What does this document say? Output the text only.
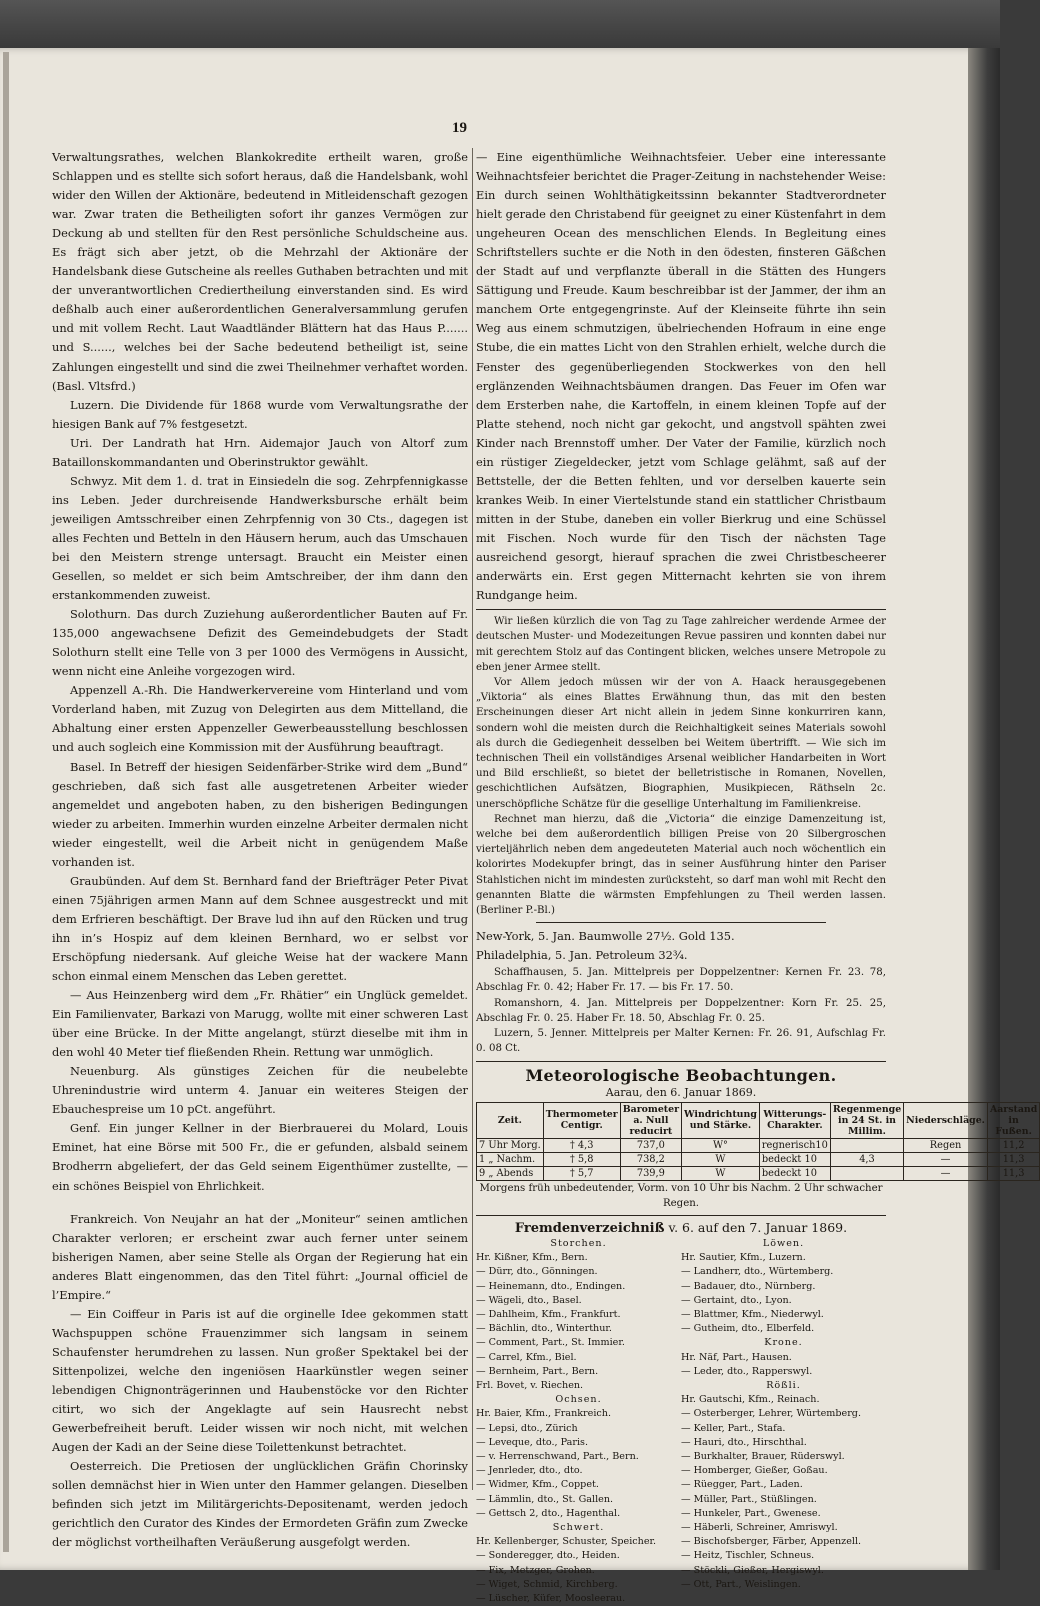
19

Verwaltungsrathes, welchen Blankokredite ertheilt waren, große Schlappen und es stellte sich sofort heraus, daß die Handelsbank, wohl wider den Willen der Aktionäre, bedeutend in Mitleidenschaft gezogen war. Zwar traten die Betheiligten sofort ihr ganzes Vermögen zur Deckung ab und stellten für den Rest persönliche Schuldscheine aus. Es frägt sich aber jetzt, ob die Mehrzahl der Aktionäre der Handelsbank diese Gutscheine als reelles Guthaben betrachten und mit der unverantwortlichen Crediertheilung einverstanden sind. Es wird deßhalb auch einer außerordentlichen Generalversammlung gerufen und mit vollem Recht. Laut Waadtländer Blättern hat das Haus P....... und S......, welches bei der Sache bedeutend betheiligt ist, seine Zahlungen eingestellt und sind die zwei Theilnehmer verhaftet worden. (Basl. Vltsfrd.)

Luzern. Die Dividende für 1868 wurde vom Verwaltungsrathe der hiesigen Bank auf 7% festgesetzt.

Uri. Der Landrath hat Hrn. Aidemajor Jauch von Altorf zum Bataillonskommandanten und Oberinstruktor gewählt.

Schwyz. Mit dem 1. d. trat in Einsiedeln die sog. Zehrpfennigkasse ins Leben. Jeder durchreisende Handwerksbursche erhält beim jeweiligen Amtsschreiber einen Zehrpfennig von 30 Cts., dagegen ist alles Fechten und Betteln in den Häusern herum, auch das Umschauen bei den Meistern strenge untersagt. Braucht ein Meister einen Gesellen, so meldet er sich beim Amtschreiber, der ihm dann den erstankommenden zuweist.

Solothurn. Das durch Zuziehung außerordentlicher Bauten auf Fr. 135,000 angewachsene Defizit des Gemeindebudgets der Stadt Solothurn stellt eine Telle von 3 per 1000 des Vermögens in Aussicht, wenn nicht eine Anleihe vorgezogen wird.

Appenzell A.-Rh. Die Handwerkervereine vom Hinterland und vom Vorderland haben, mit Zuzug von Delegirten aus dem Mittelland, die Abhaltung einer ersten Appenzeller Gewerbeausstellung beschlossen und auch sogleich eine Kommission mit der Ausführung beauftragt.

Basel. In Betreff der hiesigen Seidenfärber-Strike wird dem „Bund“ geschrieben, daß sich fast alle ausgetretenen Arbeiter wieder angemeldet und angeboten haben, zu den bisherigen Bedingungen wieder zu arbeiten. Immerhin wurden einzelne Arbeiter dermalen nicht wieder eingestellt, weil die Arbeit nicht in genügendem Maße vorhanden ist.

Graubünden. Auf dem St. Bernhard fand der Briefträger Peter Pivat einen 75jährigen armen Mann auf dem Schnee ausgestreckt und mit dem Erfrieren beschäftigt. Der Brave lud ihn auf den Rücken und trug ihn in’s Hospiz auf dem kleinen Bernhard, wo er selbst vor Erschöpfung niedersank. Auf gleiche Weise hat der wackere Mann schon einmal einem Menschen das Leben gerettet.

— Aus Heinzenberg wird dem „Fr. Rhätier“ ein Unglück gemeldet. Ein Familienvater, Barkazi von Marugg, wollte mit einer schweren Last über eine Brücke. In der Mitte angelangt, stürzt dieselbe mit ihm in den wohl 40 Meter tief fließenden Rhein. Rettung war unmöglich.

Neuenburg. Als günstiges Zeichen für die neubelebte Uhrenindustrie wird unterm 4. Januar ein weiteres Steigen der Ebauchespreise um 10 pCt. angeführt.

Genf. Ein junger Kellner in der Bierbrauerei du Molard, Louis Eminet, hat eine Börse mit 500 Fr., die er gefunden, alsbald seinem Brodherrn abgeliefert, der das Geld seinem Eigenthümer zustellte, — ein schönes Beispiel von Ehrlichkeit.

Frankreich. Von Neujahr an hat der „Moniteur“ seinen amtlichen Charakter verloren; er erscheint zwar auch ferner unter seinem bisherigen Namen, aber seine Stelle als Organ der Regierung hat ein anderes Blatt eingenommen, das den Titel führt: „Journal officiel de l’Empire.“

— Ein Coiffeur in Paris ist auf die orginelle Idee gekommen statt Wachspuppen schöne Frauenzimmer sich langsam in seinem Schaufenster herumdrehen zu lassen. Nun großer Spektakel bei der Sittenpolizei, welche den ingeniösen Haarkünstler wegen seiner lebendigen Chignonträgerinnen und Haubenstöcke vor den Richter citirt, wo sich der Angeklagte auf sein Hausrecht nebst Gewerbefreiheit beruft. Leider wissen wir noch nicht, mit welchen Augen der Kadi an der Seine diese Toilettenkunst betrachtet.

Oesterreich. Die Pretiosen der unglücklichen Gräfin Chorinsky sollen demnächst hier in Wien unter den Hammer gelangen. Dieselben befinden sich jetzt im Militärgerichts-Depositenamt, werden jedoch gerichtlich den Curator des Kindes der Ermordeten Gräfin zum Zwecke der möglichst vortheilhaften Veräußerung ausgefolgt werden.

— Eine eigenthümliche Weihnachtsfeier. Ueber eine interessante Weihnachtsfeier berichtet die Prager-Zeitung in nachstehender Weise: Ein durch seinen Wohlthätigkeitssinn bekannter Stadtverordneter hielt gerade den Christabend für geeignet zu einer Küstenfahrt in dem ungeheuren Ocean des menschlichen Elends. In Begleitung eines Schriftstellers suchte er die Noth in den ödesten, finsteren Gäßchen der Stadt auf und verpflanzte überall in die Stätten des Hungers Sättigung und Freude. Kaum beschreibbar ist der Jammer, der ihm an manchem Orte entgegengrinste. Auf der Kleinseite führte ihn sein Weg aus einem schmutzigen, übelriechenden Hofraum in eine enge Stube, die ein mattes Licht von den Strahlen erhielt, welche durch die Fenster des gegenüberliegenden Stockwerkes von den hell erglänzenden Weihnachtsbäumen drangen. Das Feuer im Ofen war dem Ersterben nahe, die Kartoffeln, in einem kleinen Topfe auf der Platte stehend, noch nicht gar gekocht, und angstvoll spähten zwei Kinder nach Brennstoff umher. Der Vater der Familie, kürzlich noch ein rüstiger Ziegeldecker, jetzt vom Schlage gelähmt, saß auf der Bettstelle, der die Betten fehlten, und vor derselben kauerte sein krankes Weib. In einer Viertelstunde stand ein stattlicher Christbaum mitten in der Stube, daneben ein voller Bierkrug und eine Schüssel mit Fischen. Noch wurde für den Tisch der nächsten Tage ausreichend gesorgt, hierauf sprachen die zwei Christbescheerer anderwärts ein. Erst gegen Mitternacht kehrten sie von ihrem Rundgange heim.

Wir ließen kürzlich die von Tag zu Tage zahlreicher werdende Armee der deutschen Muster- und Modezeitungen Revue passiren und konnten dabei nur mit gerechtem Stolz auf das Contingent blicken, welches unsere Metropole zu eben jener Armee stellt.

Vor Allem jedoch müssen wir der von A. Haack herausgegebenen „Viktoria“ als eines Blattes Erwähnung thun, das mit den besten Erscheinungen dieser Art nicht allein in jedem Sinne konkurriren kann, sondern wohl die meisten durch die Reichhaltigkeit seines Materials sowohl als durch die Gediegenheit desselben bei Weitem übertrifft. — Wie sich im technischen Theil ein vollständiges Arsenal weiblicher Handarbeiten in Wort und Bild erschließt, so bietet der belletristische in Romanen, Novellen, geschichtlichen Aufsätzen, Biographien, Musikpiecen, Räthseln 2c. unerschöpfliche Schätze für die gesellige Unterhaltung im Familienkreise.

Rechnet man hierzu, daß die „Victoria“ die einzige Damenzeitung ist, welche bei dem außerordentlich billigen Preise von 20 Silbergroschen vierteljährlich neben dem angedeuteten Material auch noch wöchentlich ein kolorirtes Modekupfer bringt, das in seiner Ausführung hinter den Pariser Stahlstichen nicht im mindesten zurücksteht, so darf man wohl mit Recht den genannten Blatte die wärmsten Empfehlungen zu Theil werden lassen. (Berliner P.-Bl.)

New-York, 5. Jan. Baumwolle 27½. Gold 135.

Philadelphia, 5. Jan. Petroleum 32¾.

Schaffhausen, 5. Jan. Mittelpreis per Doppelzentner: Kernen Fr. 23. 78, Abschlag Fr. 0. 42; Haber Fr. 17. — bis Fr. 17. 50.

Romanshorn, 4. Jan. Mittelpreis per Doppelzentner: Korn Fr. 25. 25, Abschlag Fr. 0. 25. Haber Fr. 18. 50, Abschlag Fr. 0. 25.

Luzern, 5. Jenner. Mittelpreis per Malter Kernen: Fr. 26. 91, Aufschlag Fr. 0. 08 Ct.

Meteorologische Beobachtungen.
Aarau, den 6. Januar 1869.
Zeit.	Thermometer Centigr.	Barometer a. Null reducirt	Windrichtung und Stärke.	Witterungs-Charakter.	Regenmenge in 24 St. in Millim.	Niederschläge.	Aarstand in Fußen.
7 Uhr Morg.	† 4,3	737,0	W°	regnerisch10		Regen	11,2
1 „ Nachm.	† 5,8	738,2	W	bedeckt 10	4,3	—	11,3
9 „ Abends	† 5,7	739,9	W	bedeckt 10		—	11,3

Morgens früh unbedeutender, Vorm. von 10 Uhr bis Nachm. 2 Uhr schwacher Regen.

Fremdenverzeichniß v. 6. auf den 7. Januar 1869.
Storchen.
Hr. Kißner, Kfm., Bern.
— Dürr, dto., Gönningen.
— Heinemann, dto., Endingen.
— Wägeli, dto., Basel.
— Dahlheim, Kfm., Frankfurt.
— Bächlin, dto., Winterthur.
— Comment, Part., St. Immier.
— Carrel, Kfm., Biel.
— Bernheim, Part., Bern.
Frl. Bovet, v. Riechen.
Ochsen.
Hr. Baier, Kfm., Frankreich.
— Lepsi, dto., Zürich
— Leveque, dto., Paris.
— v. Herrenschwand, Part., Bern.
— Jenrleder, dto., dto.
— Widmer, Kfm., Coppet.
— Lämmlin, dto., St. Gallen.
— Gettsch 2, dto., Hagenthal.
Schwert.
Hr. Kellenberger, Schuster, Speicher.
— Sonderegger, dto., Heiden.
— Fix, Metzger, Grohen.
— Wiget, Schmid, Kirchberg.
— Lüscher, Küfer, Moosleerau.
Löwen.
Hr. Sautier, Kfm., Luzern.
— Landherr, dto., Würtemberg.
— Badauer, dto., Nürnberg.
— Gertaint, dto., Lyon.
— Blattmer, Kfm., Niederwyl.
— Gutheim, dto., Elberfeld.
Krone.
Hr. Näf, Part., Hausen.
— Leder, dto., Rapperswyl.
Rößli.
Hr. Gautschi, Kfm., Reinach.
— Osterberger, Lehrer, Würtemberg.
— Keller, Part., Stafa.
— Hauri, dto., Hirschthal.
— Burkhalter, Brauer, Rüderswyl.
— Homberger, Gießer, Goßau.
— Rüegger, Part., Laden.
— Müller, Part., Stüßlingen.
— Hunkeler, Part., Gwenese.
— Häberli, Schreiner, Amriswyl.
— Bischofsberger, Färber, Appenzell.
— Heitz, Tischler, Schneus.
— Stöckli, Gießer, Hergiswyl.
— Ott, Part., Weislingen.
